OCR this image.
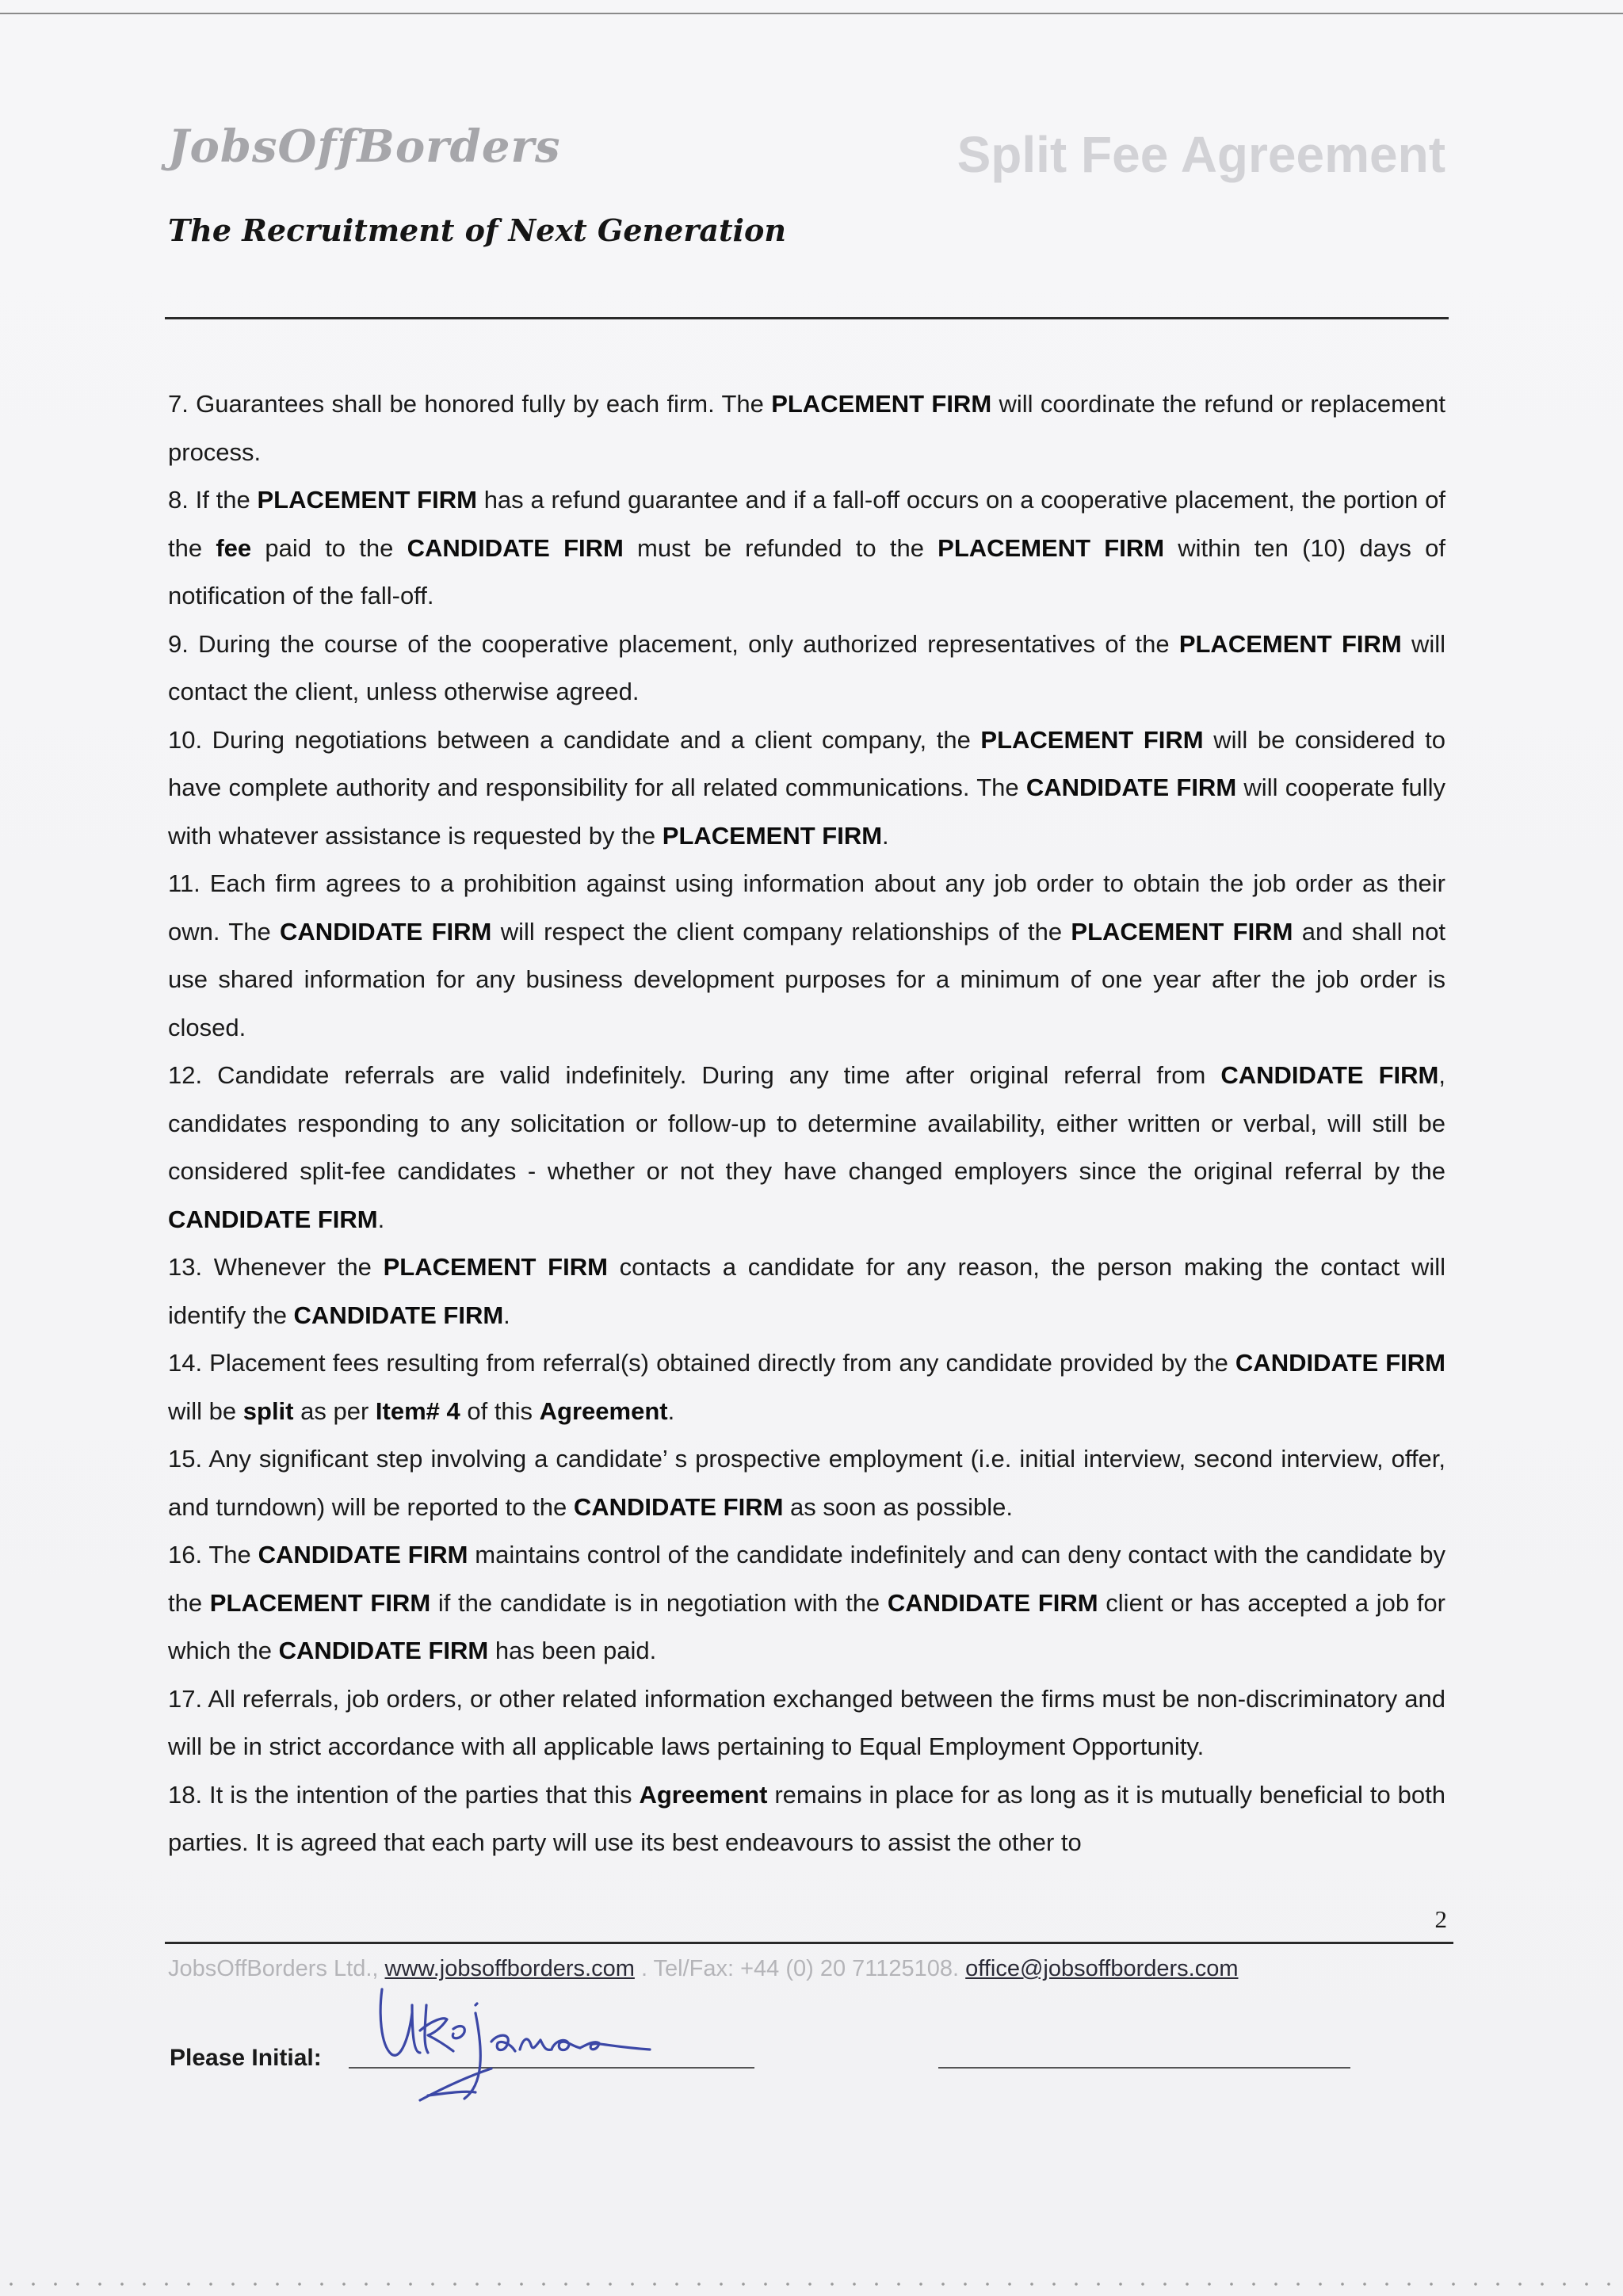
JobsOffBorders
The Recruitment of Next Generation
Split Fee Agreement

7. Guarantees shall be honored fully by each firm. The PLACEMENT FIRM will coordinate the refund or replacement process.

8. If the PLACEMENT FIRM has a refund guarantee and if a fall-off occurs on a cooperative placement, the portion of the fee paid to the CANDIDATE FIRM must be refunded to the PLACEMENT FIRM within ten (10) days of notification of the fall-off.

9. During the course of the cooperative placement, only authorized representatives of the PLACEMENT FIRM will contact the client, unless otherwise agreed.

10. During negotiations between a candidate and a client company, the PLACEMENT FIRM will be considered to have complete authority and responsibility for all related communications. The CANDIDATE FIRM will cooperate fully with whatever assistance is requested by the PLACEMENT FIRM.

11. Each firm agrees to a prohibition against using information about any job order to obtain the job order as their own. The CANDIDATE FIRM will respect the client company relationships of the PLACEMENT FIRM and shall not use shared information for any business development purposes for a minimum of one year after the job order is closed.

12. Candidate referrals are valid indefinitely. During any time after original referral from CANDIDATE FIRM, candidates responding to any solicitation or follow-up to determine availability, either written or verbal, will still be considered split-fee candidates - whether or not they have changed employers since the original referral by the CANDIDATE FIRM.

13. Whenever the PLACEMENT FIRM contacts a candidate for any reason, the person making the contact will identify the CANDIDATE FIRM.

14. Placement fees resulting from referral(s) obtained directly from any candidate provided by the CANDIDATE FIRM will be split as per Item# 4 of this Agreement.

15. Any significant step involving a candidate’ s prospective employment (i.e. initial interview, second interview, offer, and turndown) will be reported to the CANDIDATE FIRM as soon as possible.

16. The CANDIDATE FIRM maintains control of the candidate indefinitely and can deny contact with the candidate by the PLACEMENT FIRM if the candidate is in negotiation with the CANDIDATE FIRM client or has accepted a job for which the CANDIDATE FIRM has been paid.

17. All referrals, job orders, or other related information exchanged between the firms must be non-discriminatory and will be in strict accordance with all applicable laws pertaining to Equal Employment Opportunity.

18. It is the intention of the parties that this Agreement remains in place for as long as it is mutually beneficial to both parties. It is agreed that each party will use its best endeavours to assist the other to

2
JobsOffBorders Ltd., www.jobsoffborders.com . Tel/Fax: +44 (0) 20 71125108. office@jobsoffborders.com
Please Initial:
